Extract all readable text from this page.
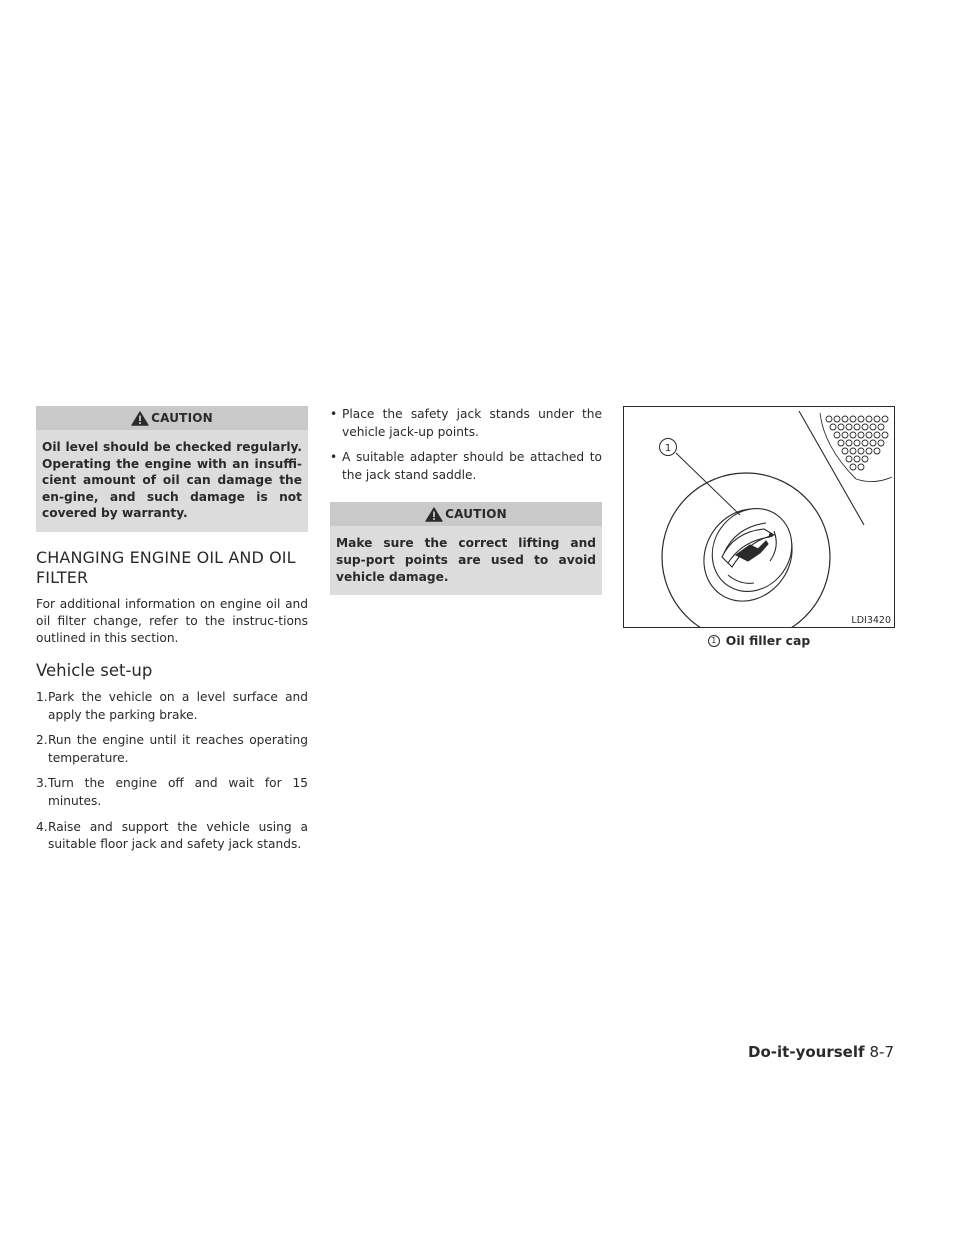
CAUTION
Oil level should be checked regularly. Operating the engine with an insuffi-cient amount of oil can damage the en-gine, and such damage is not covered by warranty.
CHANGING ENGINE OIL AND OIL FILTER

For additional information on engine oil and oil filter change, refer to the instruc-tions outlined in this section.

Vehicle set-up
1.Park the vehicle on a level surface and apply the parking brake.
2.Run the engine until it reaches operating temperature.
3.Turn the engine off and wait for 15 minutes.
4.Raise and support the vehicle using a suitable floor jack and safety jack stands.
• Place the safety jack stands under the vehicle jack-up points.
• A suitable adapter should be attached to the jack stand saddle.
CAUTION
Make sure the correct lifting and sup-port points are used to avoid vehicle damage.
1
LDI3420
1 Oil filler cap
Do-it-yourself 8-7
